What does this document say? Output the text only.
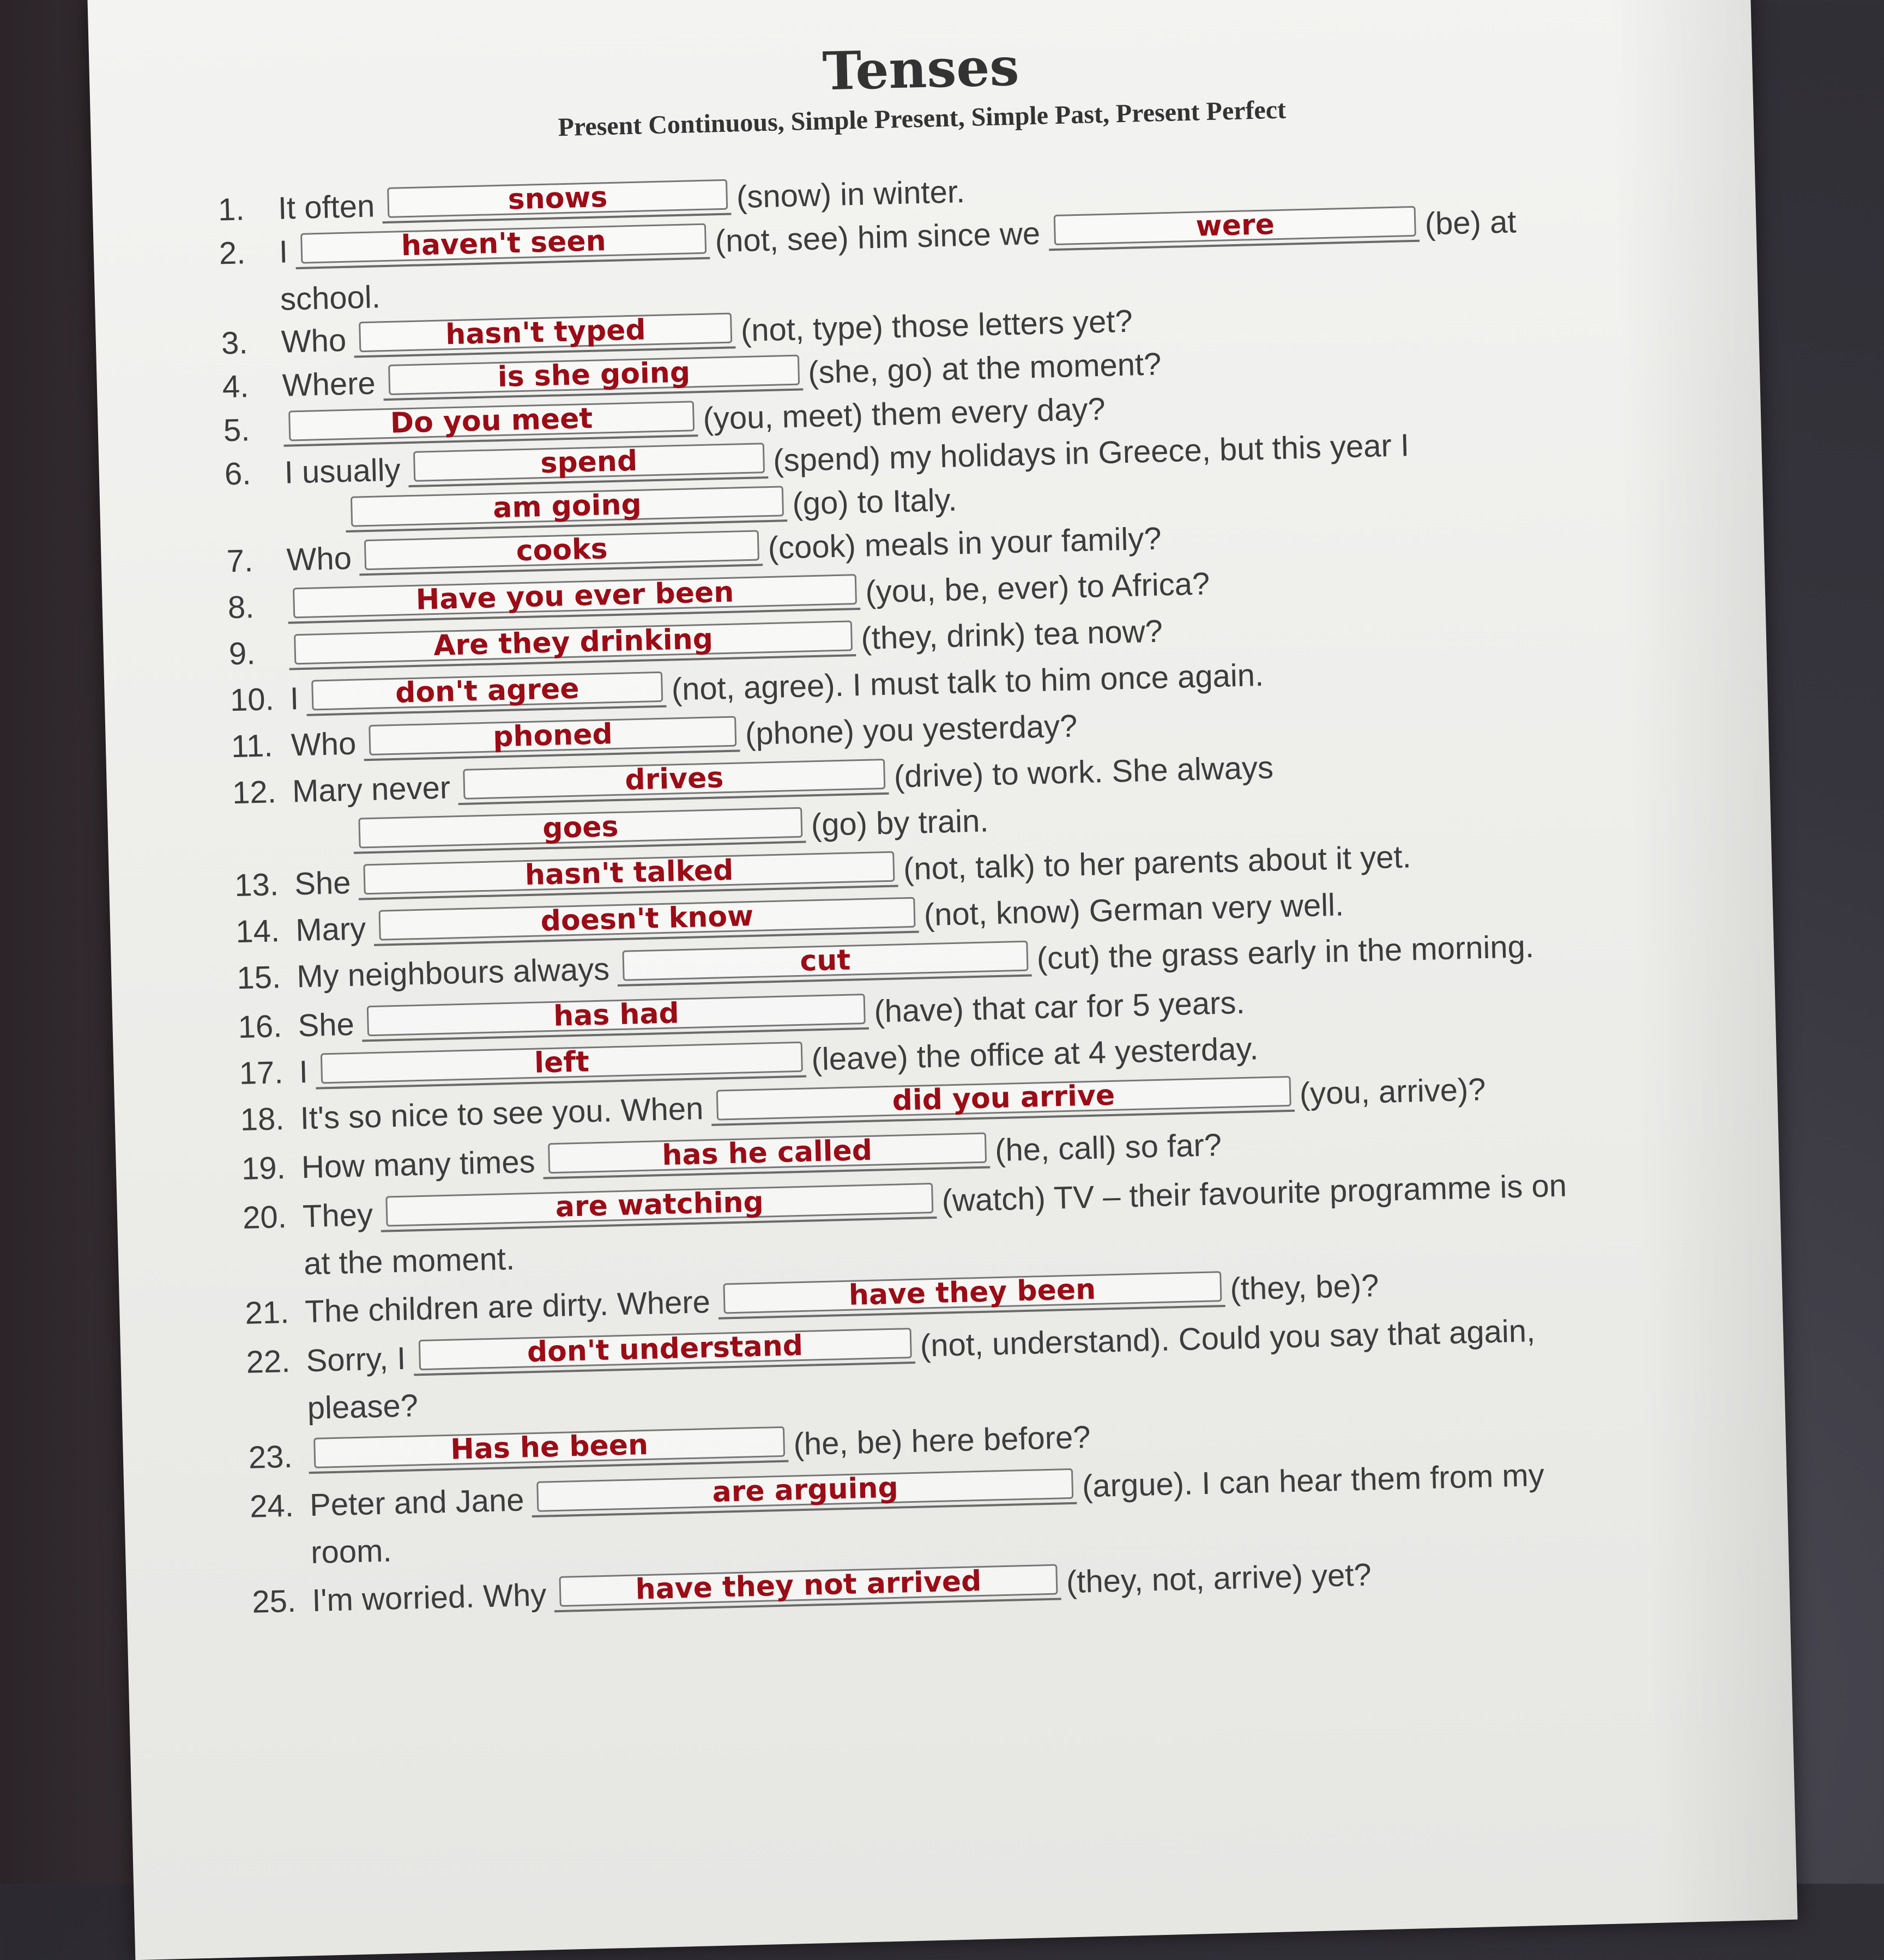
Tenses
Present Continuous, Simple Present, Simple Past, Present Perfect
1.	It often	snows	(snow) in winter.
2.	I	haven't seen	(not, see) him since we	were	(be) at
school.
3.	Who	hasn't typed	(not, type) those letters yet?
4.	Where	is she going	(she, go) at the moment?
5.	Do you meet	(you, meet) them every day?
6.	I usually	spend	(spend) my holidays in Greece, but this year I
am going	(go) to Italy.
7.	Who	cooks	(cook) meals in your family?
8.	Have you ever been	(you, be, ever) to Africa?
9.	Are they drinking	(they, drink) tea now?
10. I	don't agree	(not, agree). I must talk to him once again.
11. Who	phoned	(phone) you yesterday?
12. Mary never	drives	(drive) to work. She always
goes	(go) by train.
13. She	hasn't talked	(not, talk) to her parents about it yet.
14. Mary	doesn't know	(not, know) German very well.
15. My neighbours always	cut	(cut) the grass early in the morning.
16. She	has had	(have) that car for 5 years.
17. I	left	(leave) the office at 4 yesterday.
18. It's so nice to see you. When	did you arrive	(you, arrive)?
19. How many times	has he called	(he, call) so far?
20. They	are watching	(watch) TV – their favourite programme is on
at the moment.
21. The children are dirty. Where	have they been	(they, be)?
22. Sorry, I	don't understand	(not, understand). Could you say that again,
please?
23.	Has he been	(he, be) here before?
24. Peter and Jane	are arguing	(argue). I can hear them from my
room.
25. I'm worried. Why	have they not arrived	(they, not, arrive) yet?
